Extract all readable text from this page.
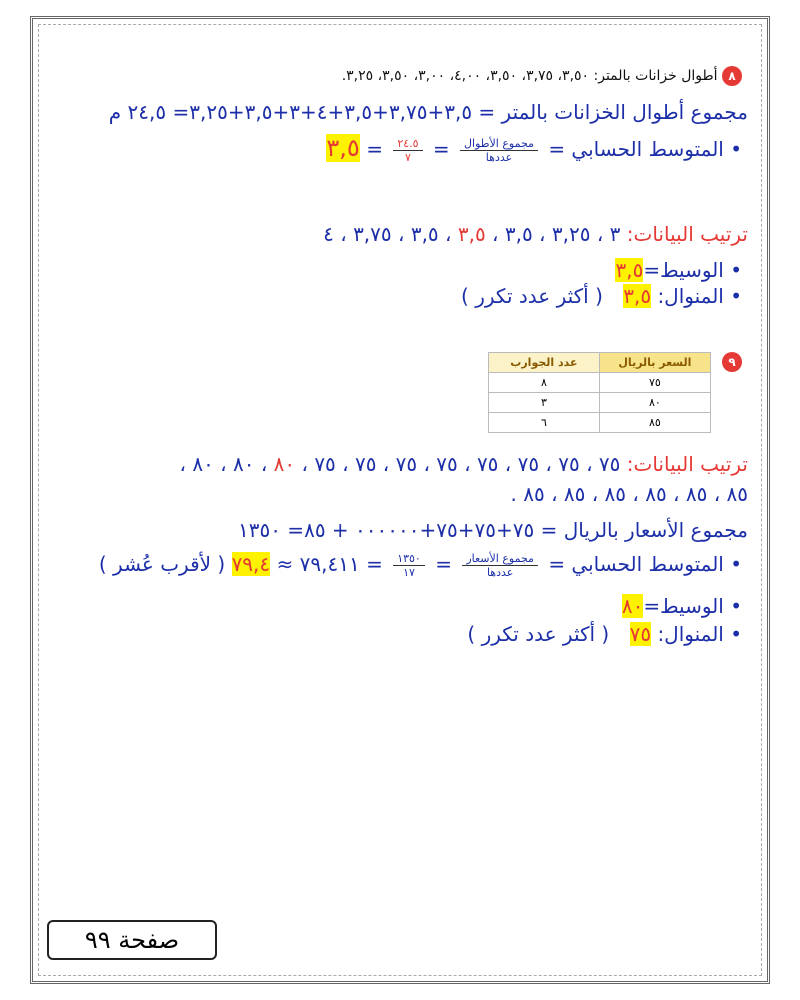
٨ أطوال خزانات بالمتر: ٣,٥٠، ٣,٧٥، ٣,٥٠، ٤,٠٠، ٣,٠٠، ٣,٥٠، ٣,٢٥.
مجموع أطوال الخزانات بالمتر = ٣,٥+٣,٧٥+٣,٥+٤+٣+٣,٥+٣,٢٥= ٢٤,٥ م
• المتوسط الحسابي =
$\frac{\text{مجموع الأطوال}}{\text{عددها}}$
=
$\frac{٢٤.٥}{٧}$
= ٣,٥
ترتيب البيانات: ٣ ، ٣,٢٥ ، ٣,٥ ، ٣,٥ ، ٣,٥ ، ٣,٧٥ ، ٤
• الوسيط=٣,٥
• المنوال: ٣,٥ ( أكثر عدد تكرر )
٩ السعر بالريال	عدد الجوارب
٧٥	٨
٨٠	٣
٨٥	٦
ترتيب البيانات: ٧٥ ، ٧٥ ، ٧٥ ، ٧٥ ، ٧٥ ، ٧٥ ، ٧٥ ، ٧٥ ، ٨٠ ، ٨٠ ، ٨٠ ،
٨٥ ، ٨٥ ، ٨٥ ، ٨٥ ، ٨٥ ، ٨٥ .
مجموع الأسعار بالريال = ٧٥+٧٥+٧٥+٠٠٠٠٠٠ + ٨٥= ١٣٥٠
• المتوسط الحسابي =
$\frac{\text{مجموع الأسعار}}{\text{عددها}}$
=
$\frac{١٣٥٠}{١٧}$
= ٧٩,٤١١ ≈ ٧٩,٤ ( لأقرب عُشر )
• الوسيط=٨٠
• المنوال: ٧٥ ( أكثر عدد تكرر )
صفحة ٩٩
